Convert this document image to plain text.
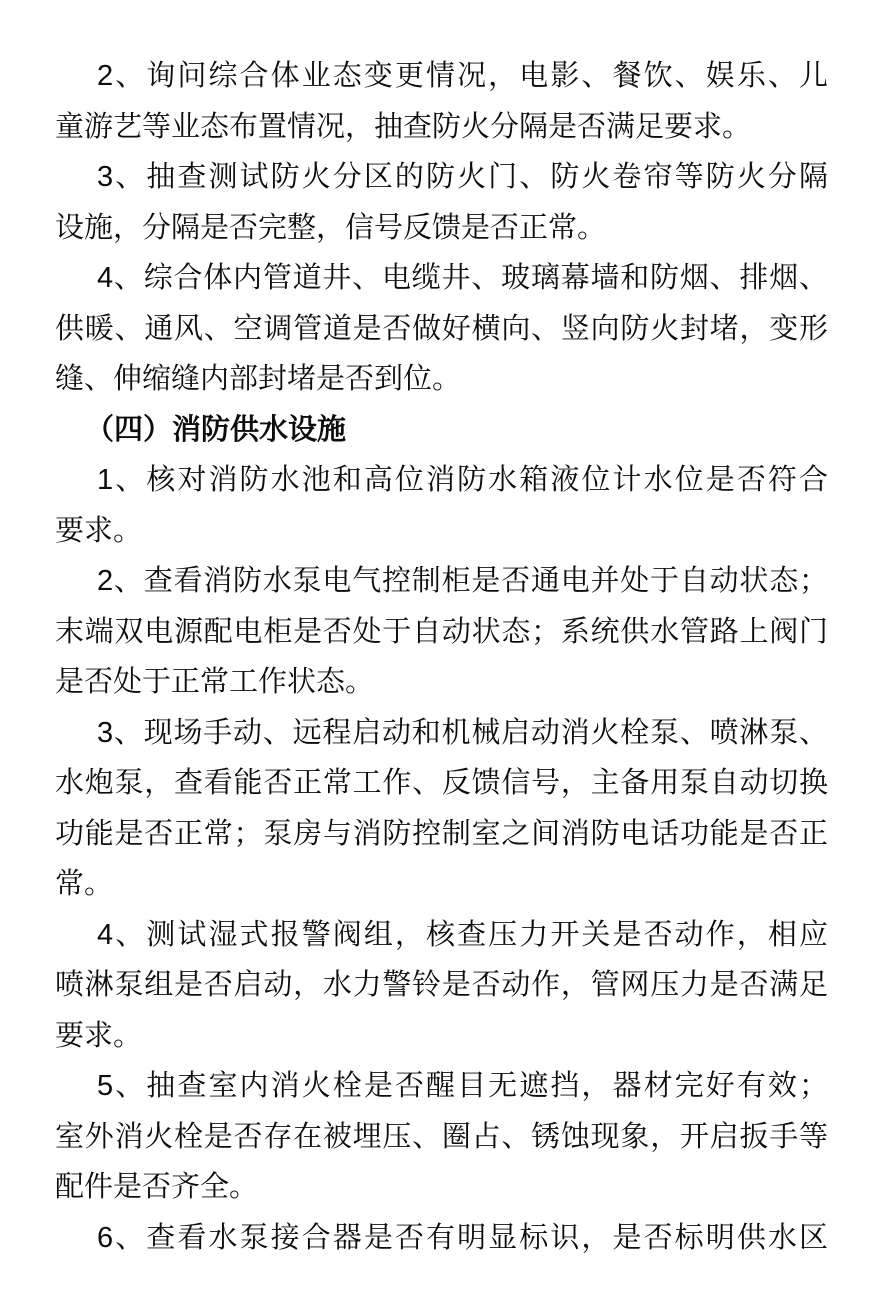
2、询问综合体业态变更情况，电影、餐饮、娱乐、儿
童游艺等业态布置情况，抽查防火分隔是否满足要求。
3、抽查测试防火分区的防火门、防火卷帘等防火分隔
设施，分隔是否完整，信号反馈是否正常。
4、综合体内管道井、电缆井、玻璃幕墙和防烟、排烟、
供暖、通风、空调管道是否做好横向、竖向防火封堵，变形
缝、伸缩缝内部封堵是否到位。
（四）消防供水设施
1、核对消防水池和高位消防水箱液位计水位是否符合
要求。
2、查看消防水泵电气控制柜是否通电并处于自动状态；
末端双电源配电柜是否处于自动状态；系统供水管路上阀门
是否处于正常工作状态。
3、现场手动、远程启动和机械启动消火栓泵、喷淋泵、
水炮泵，查看能否正常工作、反馈信号，主备用泵自动切换
功能是否正常；泵房与消防控制室之间消防电话功能是否正
常。
4、测试湿式报警阀组，核查压力开关是否动作，相应
喷淋泵组是否启动，水力警铃是否动作，管网压力是否满足
要求。
5、抽查室内消火栓是否醒目无遮挡，器材完好有效；
室外消火栓是否存在被埋压、圈占、锈蚀现象，开启扳手等
配件是否齐全。
6、查看水泵接合器是否有明显标识，是否标明供水区
